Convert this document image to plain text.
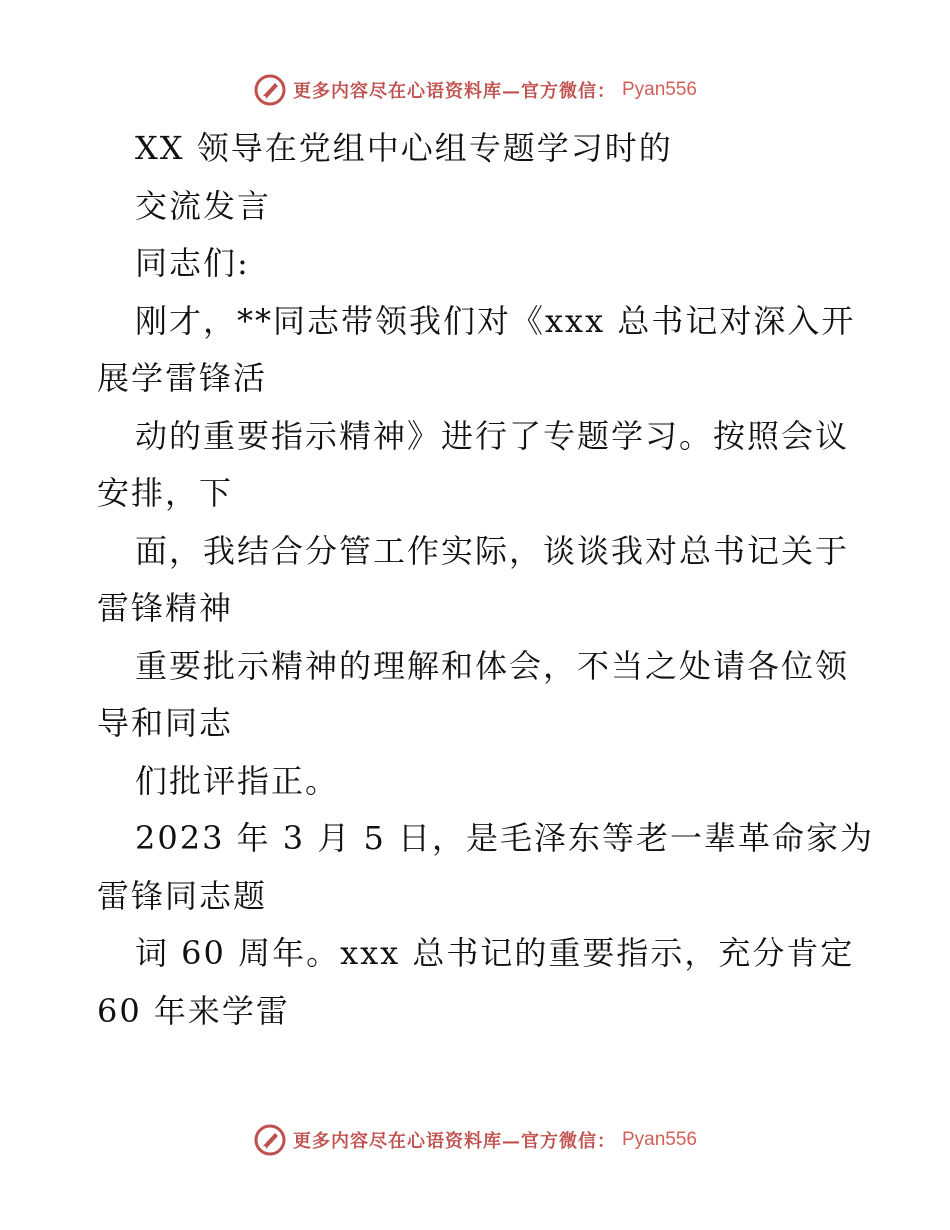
更多内容尽在心语资料库—官方微信： Pyan556
XX 领导在党组中心组专题学习时的
交流发言
同志们:
刚才，**同志带领我们对《xxx 总书记对深入开
展学雷锋活
动的重要指示精神》进行了专题学习。按照会议
安排，下
面，我结合分管工作实际，谈谈我对总书记关于
雷锋精神
重要批示精神的理解和体会，不当之处请各位领
导和同志
们批评指正。
2023 年 3 月 5 日，是毛泽东等老一辈革命家为
雷锋同志题
词 60 周年。xxx 总书记的重要指示，充分肯定
60 年来学雷
更多内容尽在心语资料库—官方微信： Pyan556
